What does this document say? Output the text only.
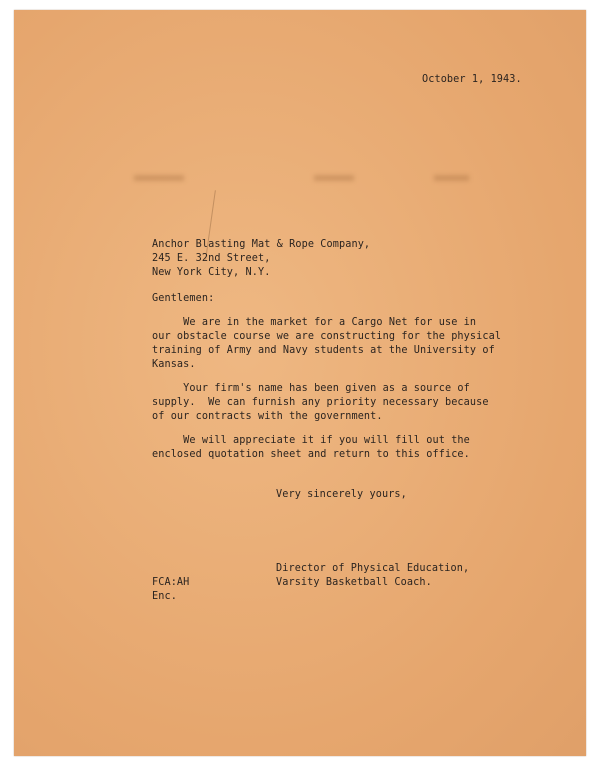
October 1, 1943.
Anchor Blasting Mat & Rope Company,
245 E. 32nd Street,
New York City, N.Y.
Gentlemen:
We are in the market for a Cargo Net for use in
our obstacle course we are constructing for the physical
training of Army and Navy students at the University of
Kansas.
Your firm's name has been given as a source of
supply.  We can furnish any priority necessary because
of our contracts with the government.
We will appreciate it if you will fill out the
enclosed quotation sheet and return to this office.
Very sincerely yours,
Director of Physical Education,
Varsity Basketball Coach.
FCA:AH
Enc.
